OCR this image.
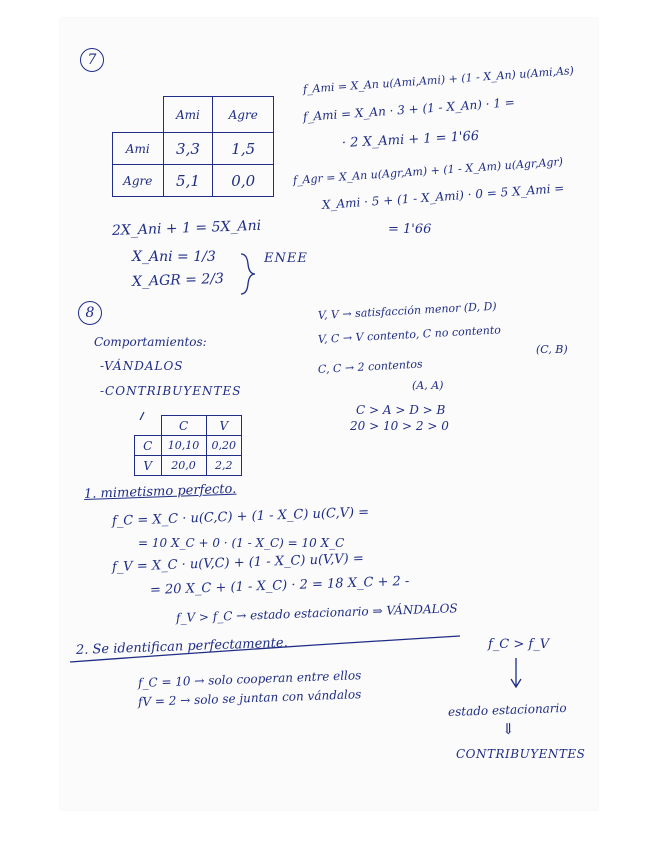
7
	Ami	Agre
Ami	3,3	1,5
Agre	5,1	0,0
f_Ami = X_An u(Ami,Ami) + (1 - X_An) u(Ami,As)
f_Ami = X_An · 3 + (1 - X_An) · 1 =
· 2 X_Ami + 1 = 1'66
f_Agr = X_An u(Agr,Am) + (1 - X_Am) u(Agr,Agr)
X_Ami · 5 + (1 - X_Ami) · 0 = 5 X_Ami =
= 1'66
2X_Ani + 1 = 5X_Ani
X_Ani = 1/3
X_AGR = 2/3
ENEE
8
Comportamientos:
-VÁNDALOS
-CONTRIBUYENTES
V, V → satisfacción menor (D, D)
V, C → V contento, C no contento
(C, B)
C, C → 2 contentos
(A, A)
C > A > D > B
20 > 10 > 2 > 0
	C	V
C	10,10	0,20
V	20,0	2,2
1. mimetismo perfecto.
f_C = X_C · u(C,C) + (1 - X_C) u(C,V) =
= 10 X_C + 0 · (1 - X_C) = 10 X_C
f_V = X_C · u(V,C) + (1 - X_C) u(V,V) =
= 20 X_C + (1 - X_C) · 2 = 18 X_C + 2 -
f_V > f_C → estado estacionario ⇒ VÁNDALOS
2. Se identifican perfectamente.	f_C > f_V
f_C = 10 → solo cooperan entre ellos
fV = 2 → solo se juntan con vándalos
estado estacionario
⇓
CONTRIBUYENTES
